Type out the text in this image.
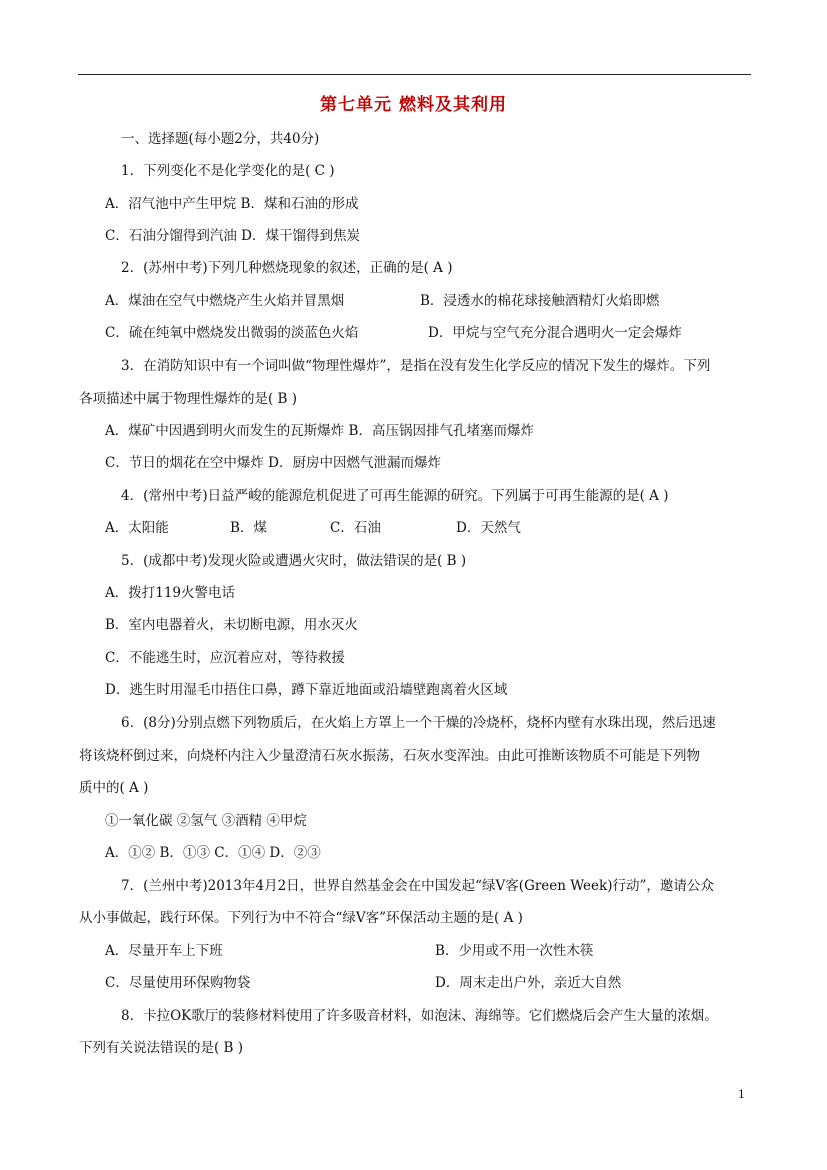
第七单元 燃料及其利用
一、选择题(每小题2分，共40分)
1．下列变化不是化学变化的是( C )
A．沼气池中产生甲烷 B．煤和石油的形成
C．石油分馏得到汽油 D．煤干馏得到焦炭
2．(苏州中考)下列几种燃烧现象的叙述，正确的是( A )
A．煤油在空气中燃烧产生火焰并冒黑烟	B．浸透水的棉花球接触酒精灯火焰即燃
C．硫在纯氧中燃烧发出微弱的淡蓝色火焰	D．甲烷与空气充分混合遇明火一定会爆炸
3．在消防知识中有一个词叫做“物理性爆炸”，是指在没有发生化学反应的情况下发生的爆炸。下列
各项描述中属于物理性爆炸的是( B )
A．煤矿中因遇到明火而发生的瓦斯爆炸 B．高压锅因排气孔堵塞而爆炸
C．节日的烟花在空中爆炸 D．厨房中因燃气泄漏而爆炸
4．(常州中考)日益严峻的能源危机促进了可再生能源的研究。下列属于可再生能源的是( A )
A．太阳能	B．煤	C．石油	D．天然气
5．(成都中考)发现火险或遭遇火灾时，做法错误的是( B )
A．拨打119火警电话
B．室内电器着火，未切断电源，用水灭火
C．不能逃生时，应沉着应对，等待救援
D．逃生时用湿毛巾捂住口鼻，蹲下靠近地面或沿墙壁跑离着火区域
6．(8分)分别点燃下列物质后，在火焰上方罩上一个干燥的冷烧杯，烧杯内壁有水珠出现，然后迅速
将该烧杯倒过来，向烧杯内注入少量澄清石灰水振荡，石灰水变浑浊。由此可推断该物质不可能是下列物
质中的( A )
①一氧化碳 ②氢气 ③酒精 ④甲烷
A．①② B．①③ C．①④ D．②③
7．(兰州中考)2013年4月2日，世界自然基金会在中国发起“绿V客(Green Week)行动”，邀请公众
从小事做起，践行环保。下列行为中不符合“绿V客”环保活动主题的是( A )
A．尽量开车上下班	B．少用或不用一次性木筷
C．尽量使用环保购物袋	D．周末走出户外，亲近大自然
8．卡拉OK歌厅的装修材料使用了许多吸音材料，如泡沫、海绵等。它们燃烧后会产生大量的浓烟。
下列有关说法错误的是( B )
1
